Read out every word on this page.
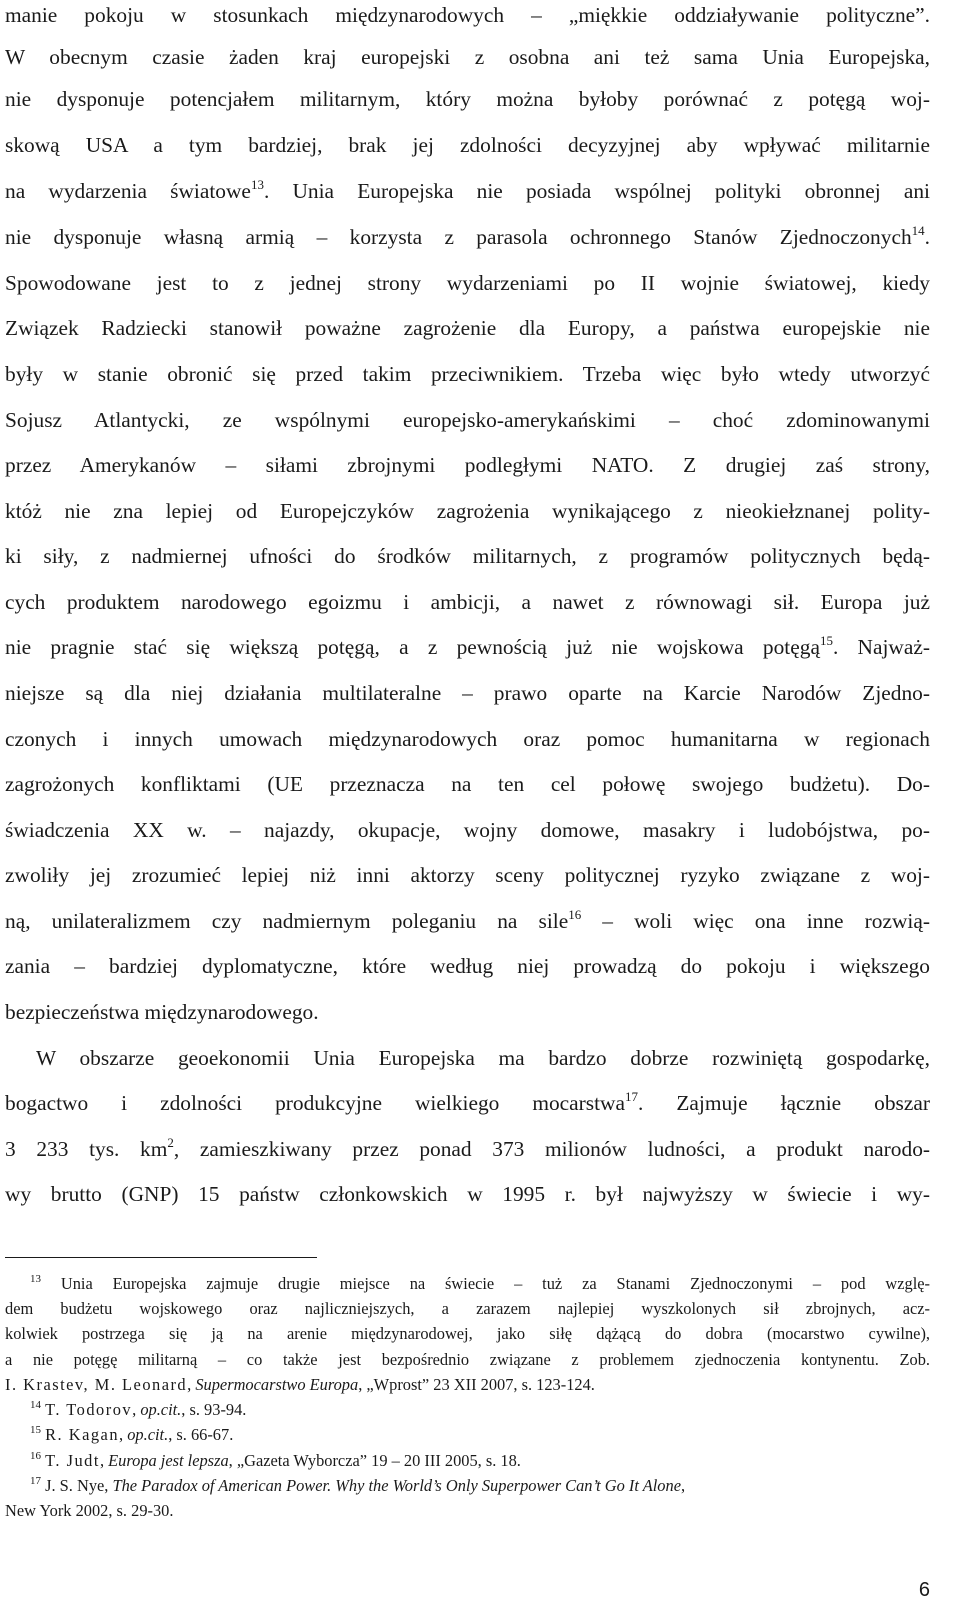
manie pokoju w stosunkach międzynarodowych – „miękkie oddziaływanie polityczne”.
W obecnym czasie żaden kraj europejski z osobna ani też sama Unia Europejska,
nie dysponuje potencjałem militarnym, który można byłoby porównać z potęgą woj-
skową USA a tym bardziej, brak jej zdolności decyzyjnej aby wpływać militarnie
na wydarzenia światowe$^{13}$. Unia Europejska nie posiada wspólnej polityki obronnej ani
nie dysponuje własną armią – korzysta z parasola ochronnego Stanów Zjednoczonych$^{14}$.
Spowodowane jest to z jednej strony wydarzeniami po II wojnie światowej, kiedy
Związek Radziecki stanowił poważne zagrożenie dla Europy, a państwa europejskie nie
były w stanie obronić się przed takim przeciwnikiem. Trzeba więc było wtedy utworzyć
Sojusz Atlantycki, ze wspólnymi europejsko-amerykańskimi – choć zdominowanymi
przez Amerykanów – siłami zbrojnymi podległymi NATO. Z drugiej zaś strony,
któż nie zna lepiej od Europejczyków zagrożenia wynikającego z nieokiełznanej polity-
ki siły, z nadmiernej ufności do środków militarnych, z programów politycznych będą-
cych produktem narodowego egoizmu i ambicji, a nawet z równowagi sił. Europa już
nie pragnie stać się większą potęgą, a z pewnością już nie wojskowa potęgą$^{15}$. Najważ-
niejsze są dla niej działania multilateralne – prawo oparte na Karcie Narodów Zjedno-
czonych i innych umowach międzynarodowych oraz pomoc humanitarna w regionach
zagrożonych konfliktami (UE przeznacza na ten cel połowę swojego budżetu). Do-
świadczenia XX w. – najazdy, okupacje, wojny domowe, masakry i ludobójstwa, po-
zwoliły jej zrozumieć lepiej niż inni aktorzy sceny politycznej ryzyko związane z woj-
ną, unilateralizmem czy nadmiernym poleganiu na sile$^{16}$ – woli więc ona inne rozwią-
zania – bardziej dyplomatyczne, które według niej prowadzą do pokoju i większego
bezpieczeństwa międzynarodowego.
W obszarze geoekonomii Unia Europejska ma bardzo dobrze rozwiniętą gospodarkę,
bogactwo i zdolności produkcyjne wielkiego mocarstwa$^{17}$. Zajmuje łącznie obszar
3 233 tys. $km^2$, zamieszkiwany przez ponad 373 milionów ludności, a produkt narodo-
wy brutto (GNP) 15 państw członkowskich w 1995 r. był najwyższy w świecie i wy-
$^{13}$ Unia Europejska zajmuje drugie miejsce na świecie – tuż za Stanami Zjednoczonymi – pod wzglę-
dem budżetu wojskowego oraz najliczniejszych, a zarazem najlepiej wyszkolonych sił zbrojnych, acz-
kolwiek postrzega się ją na arenie międzynarodowej, jako siłę dążącą do dobra (mocarstwo cywilne),
a nie potęgę militarną – co także jest bezpośrednio związane z problemem zjednoczenia kontynentu. Zob.
I. Krastev, M. Leonard, Supermocarstwo Europa, „Wprost” 23 XII 2007, s. 123-124.
$^{14}$ T. Todorov, op.cit., s. 93-94.
$^{15}$ R. Kagan, op.cit., s. 66-67.
$^{16}$ T. Judt, Europa jest lepsza, „Gazeta Wyborcza” 19 – 20 III 2005, s. 18.
$^{17}$ J. S. Nye, The Paradox of American Power. Why the World’s Only Superpower Can’t Go It Alone,
New York 2002, s. 29-30.
6
